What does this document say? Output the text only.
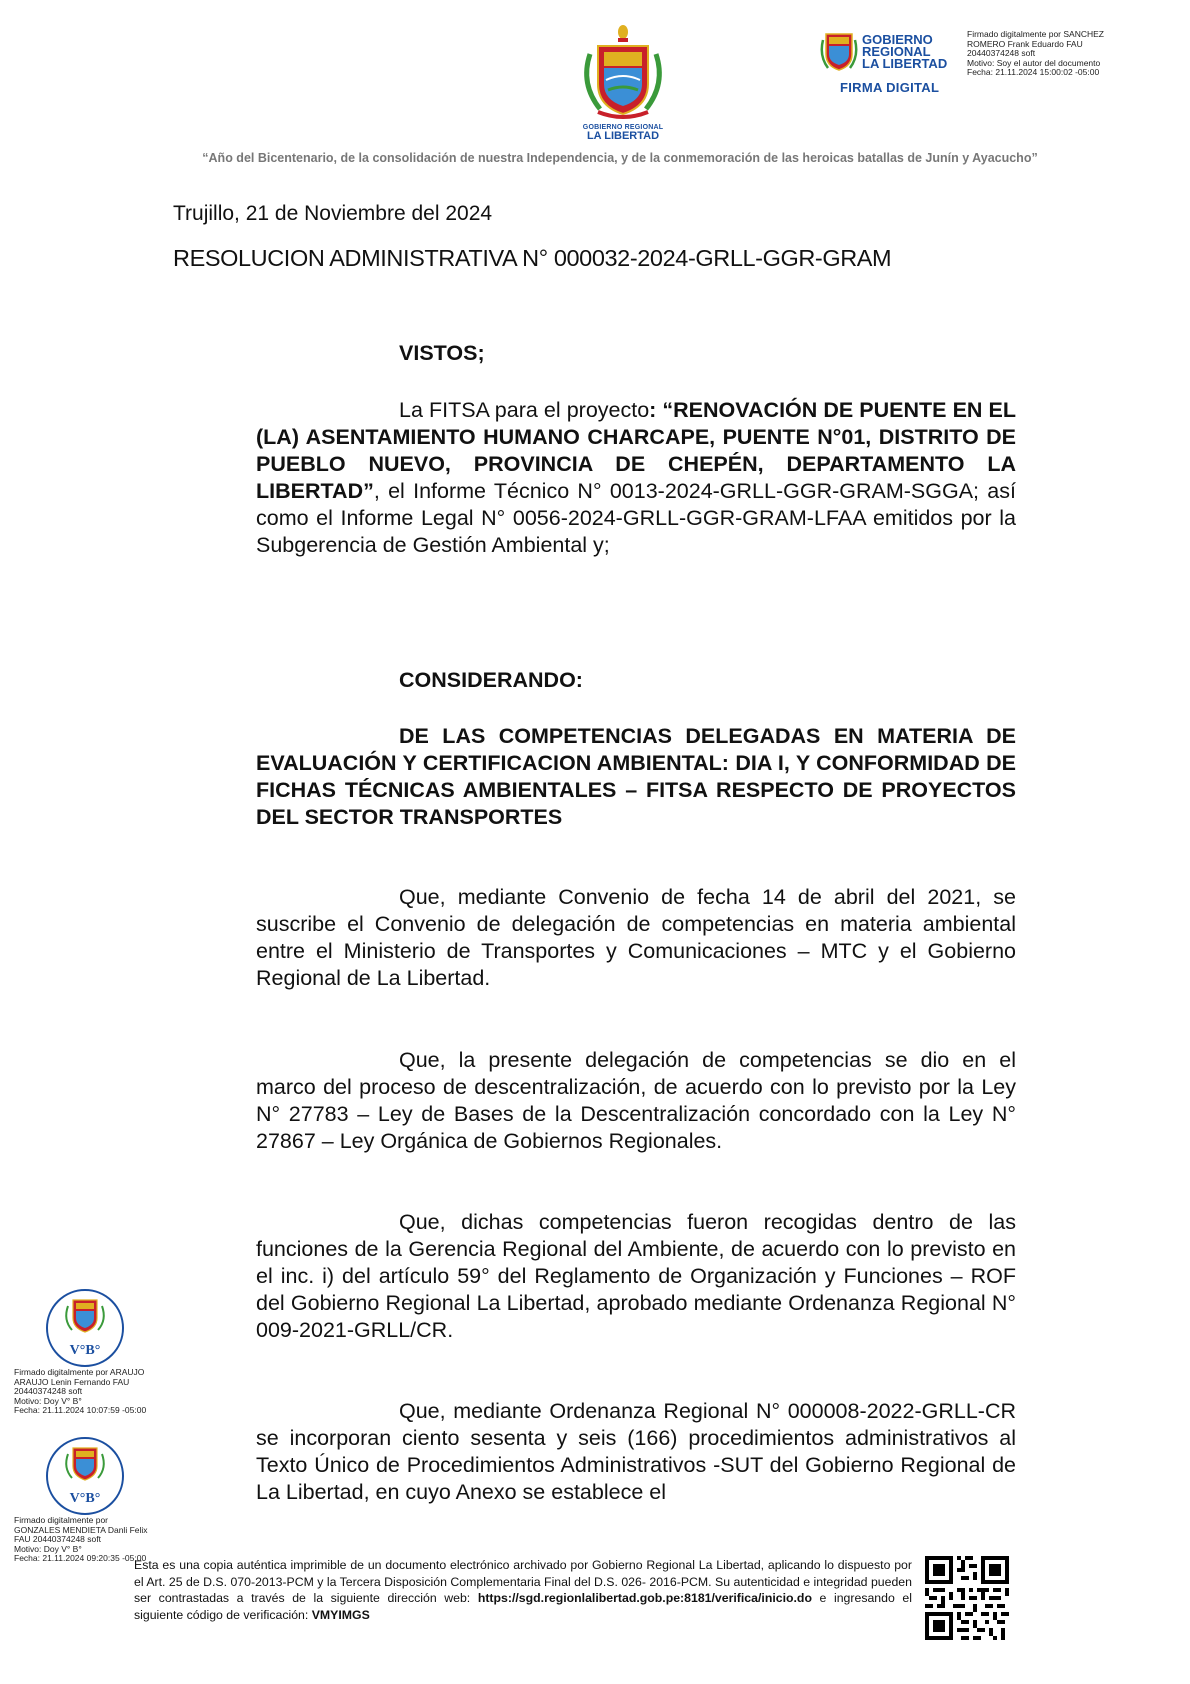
GOBIERNO REGIONAL
LA LIBERTAD
GOBIERNO
REGIONAL
LA LIBERTAD
FIRMA DIGITAL
Firmado digitalmente por SANCHEZ
ROMERO Frank Eduardo FAU
20440374248 soft
Motivo: Soy el autor del documento
Fecha: 21.11.2024 15:00:02 -05:00
“Año del Bicentenario, de la consolidación de nuestra Independencia, y de la conmemoración de las heroicas batallas de Junín y Ayacucho”
Trujillo, 21 de Noviembre del 2024
RESOLUCION ADMINISTRATIVA N° 000032-2024-GRLL-GGR-GRAM

VISTOS;

La FITSA para el proyecto: “RENOVACIÓN DE PUENTE EN EL (LA) ASENTAMIENTO HUMANO CHARCAPE, PUENTE N°01, DISTRITO DE PUEBLO NUEVO, PROVINCIA DE CHEPÉN, DEPARTAMENTO LA LIBERTAD”, el Informe Técnico N° 0013-2024-GRLL-GGR-GRAM-SGGA; así como el Informe Legal N° 0056-2024-GRLL-GGR-GRAM-LFAA emitidos por la Subgerencia de Gestión Ambiental y;

CONSIDERANDO:

DE LAS COMPETENCIAS DELEGADAS EN MATERIA DE EVALUACIÓN Y CERTIFICACION AMBIENTAL: DIA I, Y CONFORMIDAD DE FICHAS TÉCNICAS AMBIENTALES – FITSA RESPECTO DE PROYECTOS DEL SECTOR TRANSPORTES

Que, mediante Convenio de fecha 14 de abril del 2021, se suscribe el Convenio de delegación de competencias en materia ambiental entre el Ministerio de Transportes y Comunicaciones – MTC y el Gobierno Regional de La Libertad.

Que, la presente delegación de competencias se dio en el marco del proceso de descentralización, de acuerdo con lo previsto por la Ley N° 27783 – Ley de Bases de la Descentralización concordado con la Ley N° 27867 – Ley Orgánica de Gobiernos Regionales.

Que, dichas competencias fueron recogidas dentro de las funciones de la Gerencia Regional del Ambiente, de acuerdo con lo previsto en el inc. i) del artículo 59° del Reglamento de Organización y Funciones – ROF del Gobierno Regional La Libertad, aprobado mediante Ordenanza Regional N° 009-2021-GRLL/CR.

Que, mediante Ordenanza Regional N° 000008-2022-GRLL-CR se incorporan ciento sesenta y seis (166) procedimientos administrativos al Texto Único de Procedimientos Administrativos -SUT del Gobierno Regional de La Libertad, en cuyo Anexo se establece el

V°B°
Firmado digitalmente por ARAUJO
ARAUJO Lenin Fernando FAU
20440374248 soft
Motivo: Doy V° B°
Fecha: 21.11.2024 10:07:59 -05:00
V°B°
Firmado digitalmente por
GONZALES MENDIETA Danli Felix
FAU 20440374248 soft
Motivo: Doy V° B°
Fecha: 21.11.2024 09:20:35 -05:00
Esta es una copia auténtica imprimible de un documento electrónico archivado por Gobierno Regional La Libertad, aplicando lo dispuesto por el Art. 25 de D.S. 070-2013-PCM y la Tercera Disposición Complementaria Final del D.S. 026- 2016-PCM. Su autenticidad e integridad pueden ser contrastadas a través de la siguiente dirección web: https://sgd.regionlalibertad.gob.pe:8181/verifica/inicio.do e ingresando el siguiente código de verificación: VMYIMGS
